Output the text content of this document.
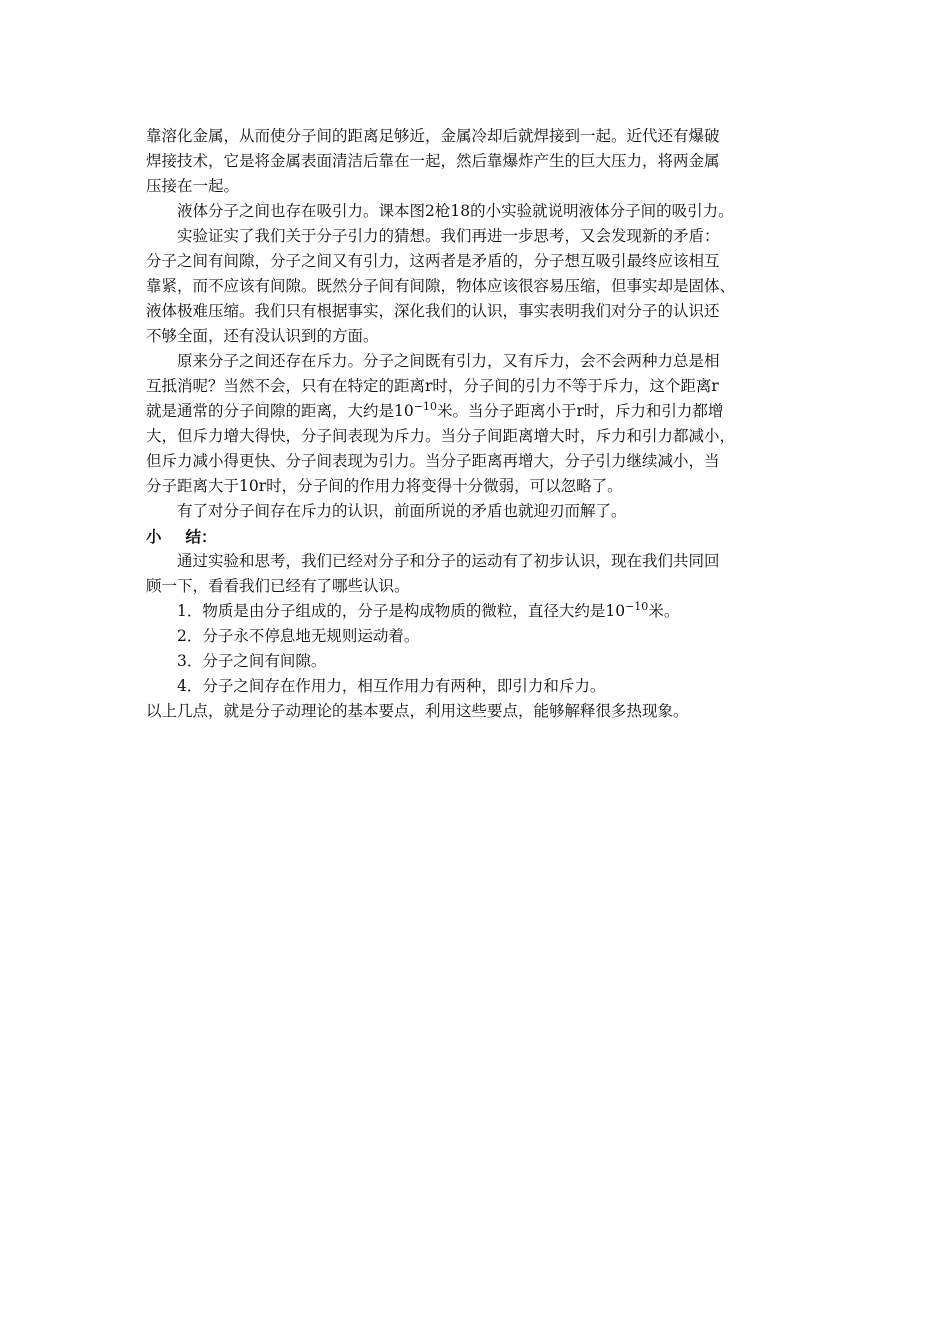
靠溶化金属，从而使分子间的距离足够近，金属冷却后就焊接到一起。近代还有爆破
焊接技术，它是将金属表面清洁后靠在一起，然后靠爆炸产生的巨大压力，将两金属
压接在一起。

液体分子之间也存在吸引力。课本图2枪18的小实验就说明液体分子间的吸引力。

实验证实了我们关于分子引力的猜想。我们再进一步思考，又会发现新的矛盾：
分子之间有间隙，分子之间又有引力，这两者是矛盾的，分子想互吸引最终应该相互
靠紧，而不应该有间隙。既然分子间有间隙，物体应该很容易压缩，但事实却是固体、
液体极难压缩。我们只有根据事实，深化我们的认识，事实表明我们对分子的认识还
不够全面，还有没认识到的方面。

原来分子之间还存在斥力。分子之间既有引力，又有斥力，会不会两种力总是相
互抵消呢？当然不会，只有在特定的距离r时，分子间的引力不等于斥力，这个距离r
就是通常的分子间隙的距离，大约是$10^{-10}$米。当分子距离小于r时，斥力和引力都增
大，但斥力增大得快，分子间表现为斥力。当分子间距离增大时，斥力和引力都减小，
但斥力减小得更快、分子间表现为引力。当分子距离再增大，分子引力继续减小，当
分子距离大于10r时，分子间的作用力将变得十分微弱，可以忽略了。

有了对分子间存在斥力的认识，前面所说的矛盾也就迎刃而解了。

小 结：

通过实验和思考，我们已经对分子和分子的运动有了初步认识，现在我们共同回
顾一下，看看我们已经有了哪些认识。

1．物质是由分子组成的，分子是构成物质的微粒，直径大约是$10^{-10}$米。

2．分子永不停息地无规则运动着。

3．分子之间有间隙。

4．分子之间存在作用力，相互作用力有两种，即引力和斥力。

以上几点，就是分子动理论的基本要点，利用这些要点，能够解释很多热现象。
